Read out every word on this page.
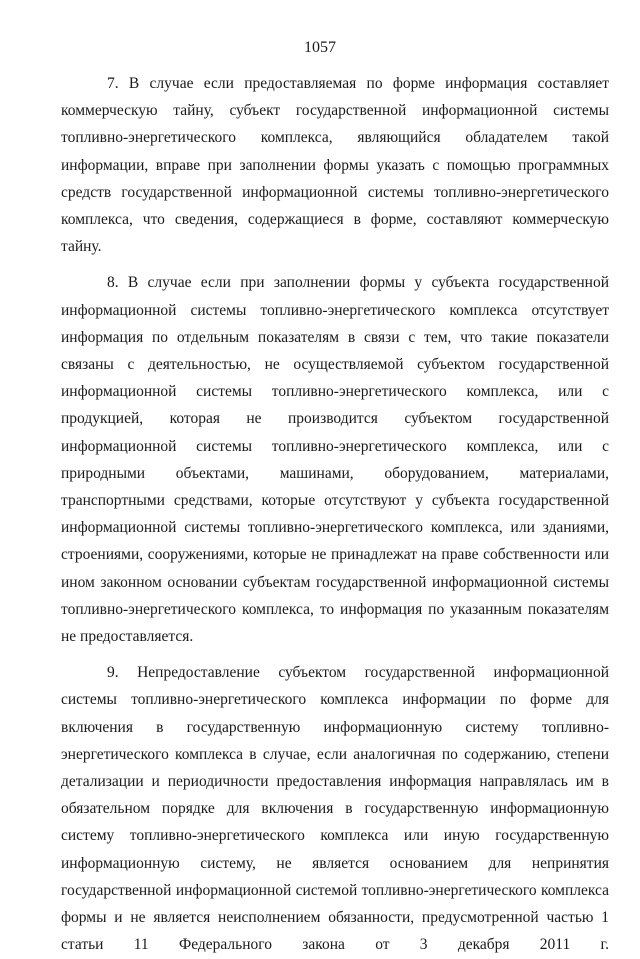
1057

7. В случае если предоставляемая по форме информация составляет коммерческую тайну, субъект государственной информационной системы топливно-энергетического комплекса, являющийся обладателем такой информации, вправе при заполнении формы указать с помощью программных средств государственной информационной системы топливно-энергетического комплекса, что сведения, содержащиеся в форме, составляют коммерческую тайну.

8. В случае если при заполнении формы у субъекта государственной информационной системы топливно-энергетического комплекса отсутствует информация по отдельным показателям в связи с тем, что такие показатели связаны с деятельностью, не осуществляемой субъектом государственной информационной системы топливно-энергетического комплекса, или с продукцией, которая не производится субъектом государственной информационной системы топливно-энергетического комплекса, или с природными объектами, машинами, оборудованием, материалами, транспортными средствами, которые отсутствуют у субъекта государственной информационной системы топливно-энергетического комплекса, или зданиями, строениями, сооружениями, которые не принадлежат на праве собственности или ином законном основании субъектам государственной информационной системы топливно-энергетического комплекса, то информация по указанным показателям не предоставляется.

9. Непредоставление субъектом государственной информационной системы топливно-энергетического комплекса информации по форме для включения в государственную информационную систему топливно-энергетического комплекса в случае, если аналогичная по содержанию, степени детализации и периодичности предоставления информация направлялась им в обязательном порядке для включения в государственную информационную систему топливно-энергетического комплекса или иную государственную информационную систему, не является основанием для непринятия государственной информационной системой топливно-энергетического комплекса формы и не является неисполнением обязанности, предусмотренной частью 1 статьи 11 Федерального закона от 3 декабря 2011 г.
